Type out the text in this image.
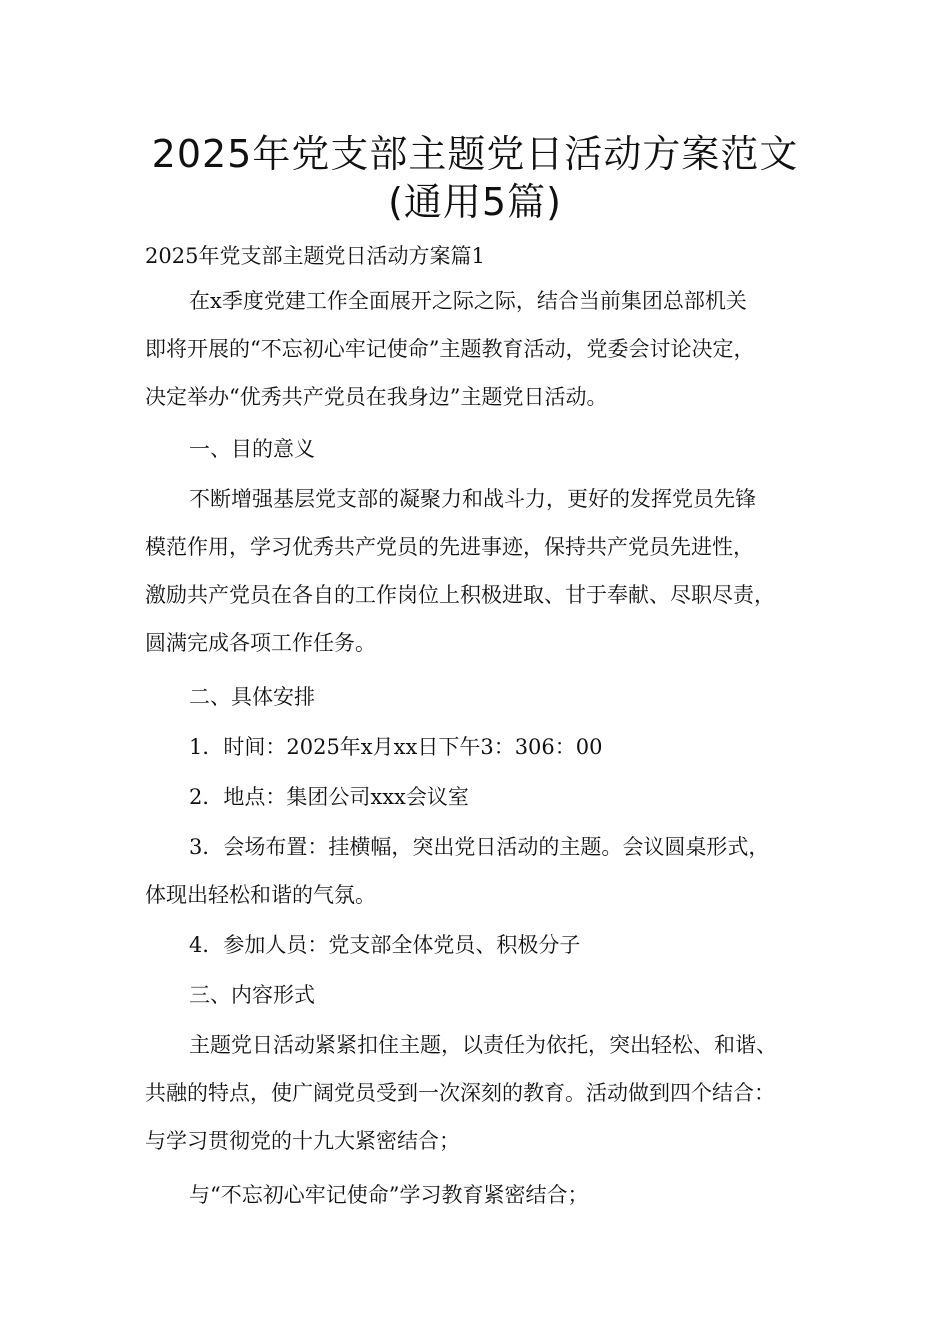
2025年党支部主题党日活动方案范文
(通用5篇)

2025年党支部主题党日活动方案篇1

在x季度党建工作全面展开之际之际，结合当前集团总部机关
即将开展的“不忘初心牢记使命”主题教育活动，党委会讨论决定，
决定举办“优秀共产党员在我身边”主题党日活动。
一、目的意义
不断增强基层党支部的凝聚力和战斗力，更好的发挥党员先锋
模范作用，学习优秀共产党员的先进事迹，保持共产党员先进性，
激励共产党员在各自的工作岗位上积极进取、甘于奉献、尽职尽责，
圆满完成各项工作任务。
二、具体安排
1．时间：2025年x月xx日下午3：306：00
2．地点：集团公司xxx会议室
3．会场布置：挂横幅，突出党日活动的主题。会议圆桌形式，
体现出轻松和谐的气氛。
4．参加人员：党支部全体党员、积极分子
三、内容形式
主题党日活动紧紧扣住主题，以责任为依托，突出轻松、和谐、
共融的特点，使广阔党员受到一次深刻的教育。活动做到四个结合：
与学习贯彻党的十九大紧密结合；
与“不忘初心牢记使命”学习教育紧密结合；
